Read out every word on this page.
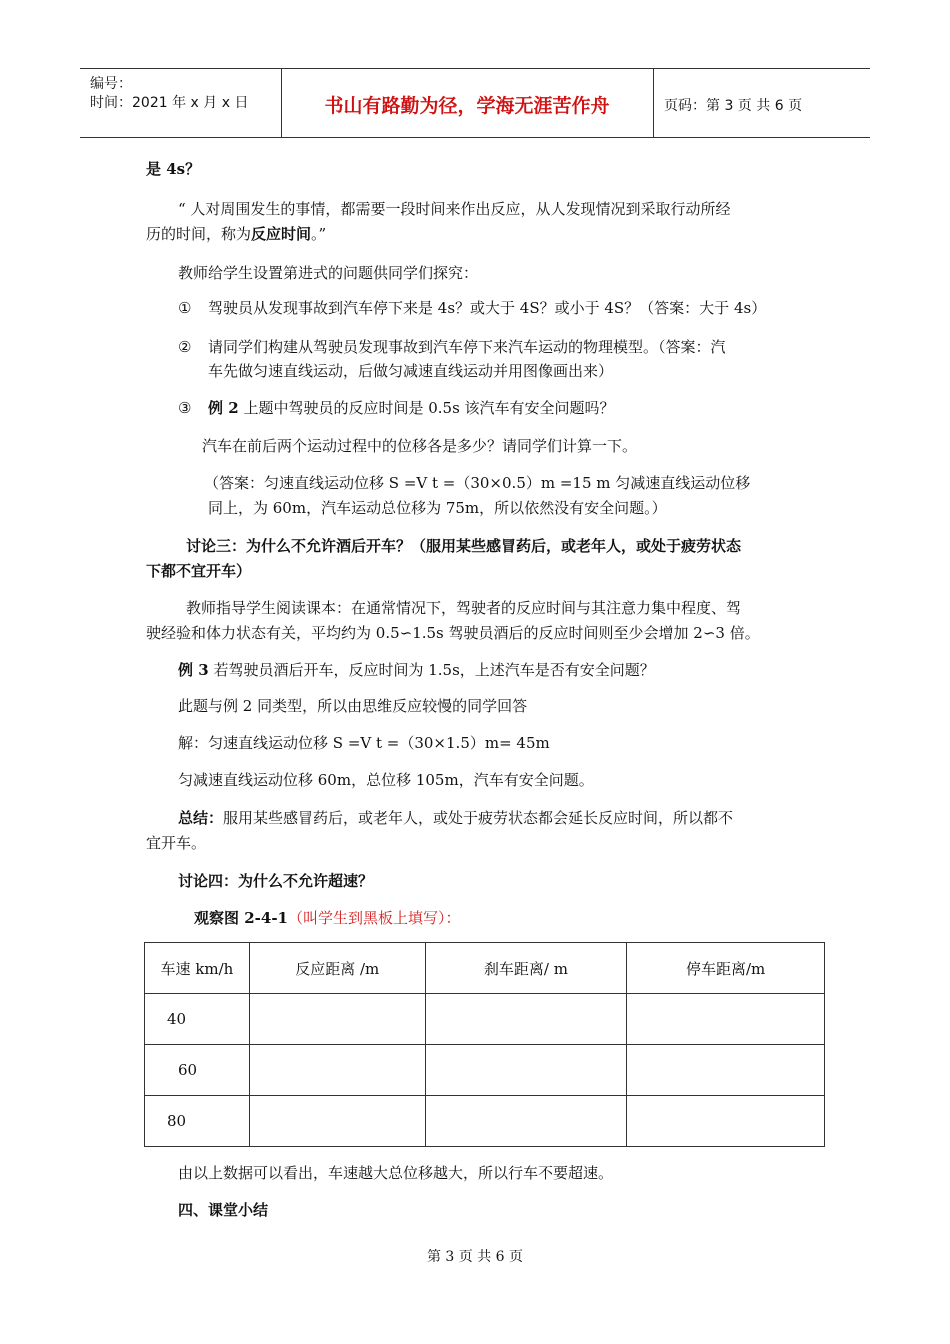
编号：
时间：2021 年 x 月 x 日	书山有路勤为径，学海无涯苦作舟	页码：第 3 页 共 6 页
是 4s？
“ 人对周围发生的事情，都需要一段时间来作出反应，从人发现情况到采取行动所经
历的时间，称为反应时间。”
教师给学生设置第进式的问题供同学们探究：
① 驾驶员从发现事故到汽车停下来是 4s？或大于 4S？或小于 4S？（答案：大于 4s）
② 请同学们构建从驾驶员发现事故到汽车停下来汽车运动的物理模型。（答案：汽
车先做匀速直线运动，后做匀减速直线运动并用图像画出来）
③ 例 2 上题中驾驶员的反应时间是 0.5s 该汽车有安全问题吗？
汽车在前后两个运动过程中的位移各是多少？请同学们计算一下。
（答案：匀速直线运动位移 S =V t =（30×0.5）m =15 m 匀减速直线运动位移
同上，为 60m，汽车运动总位移为 75m，所以依然没有安全问题。）
讨论三：为什么不允许酒后开车？（服用某些感冒药后，或老年人，或处于疲劳状态
下都不宜开车）
教师指导学生阅读课本：在通常情况下，驾驶者的反应时间与其注意力集中程度、驾
驶经验和体力状态有关，平均约为 0.5∽1.5s 驾驶员酒后的反应时间则至少会增加 2∽3 倍。
例 3 若驾驶员酒后开车，反应时间为 1.5s，上述汽车是否有安全问题？
此题与例 2 同类型，所以由思维反应较慢的同学回答
解：匀速直线运动位移 S =V t =（30×1.5）m= 45m
匀减速直线运动位移 60m，总位移 105m，汽车有安全问题。
总结：服用某些感冒药后，或老年人，或处于疲劳状态都会延长反应时间，所以都不
宜开车。
讨论四：为什么不允许超速？
观察图 2-4-1（叫学生到黑板上填写）：
车速 km/h	反应距离 /m	刹车距离/ m	停车距离/m
40			
60			
80			
由以上数据可以看出，车速越大总位移越大，所以行车不要超速。
四、课堂小结
第 3 页 共 6 页
